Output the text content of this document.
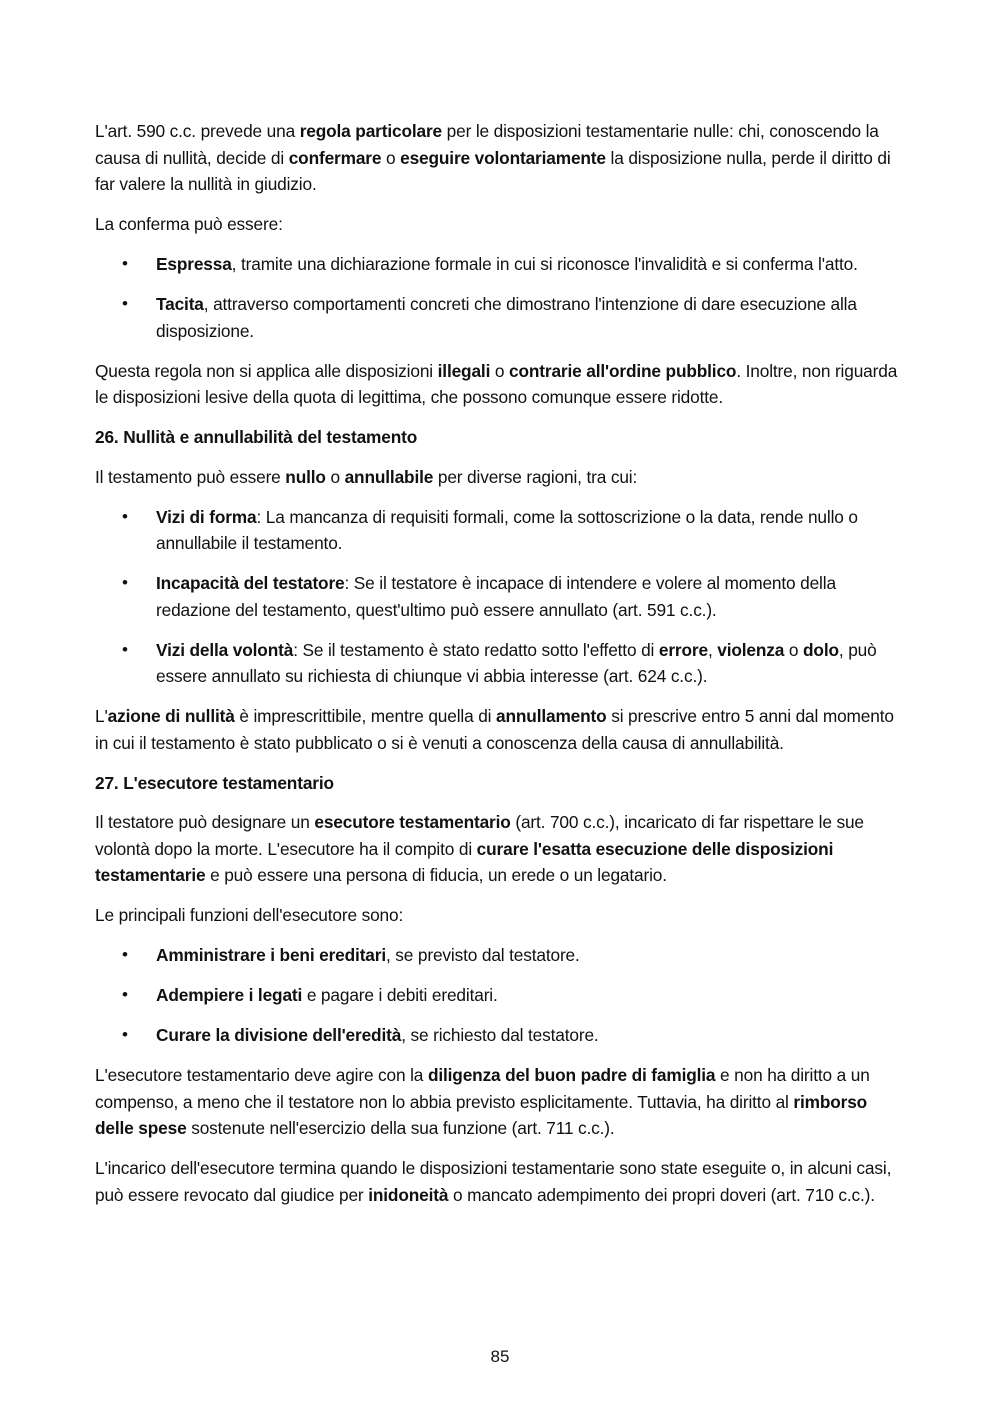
L'art. 590 c.c. prevede una regola particolare per le disposizioni testamentarie nulle: chi, conoscendo la causa di nullità, decide di confermare o eseguire volontariamente la disposizione nulla, perde il diritto di far valere la nullità in giudizio.

La conferma può essere:

• Espressa, tramite una dichiarazione formale in cui si riconosce l'invalidità e si conferma l'atto.
• Tacita, attraverso comportamenti concreti che dimostrano l'intenzione di dare esecuzione alla disposizione.

Questa regola non si applica alle disposizioni illegali o contrarie all'ordine pubblico. Inoltre, non riguarda le disposizioni lesive della quota di legittima, che possono comunque essere ridotte.

26. Nullità e annullabilità del testamento

Il testamento può essere nullo o annullabile per diverse ragioni, tra cui:

• Vizi di forma: La mancanza di requisiti formali, come la sottoscrizione o la data, rende nullo o annullabile il testamento.
• Incapacità del testatore: Se il testatore è incapace di intendere e volere al momento della redazione del testamento, quest'ultimo può essere annullato (art. 591 c.c.).
• Vizi della volontà: Se il testamento è stato redatto sotto l'effetto di errore, violenza o dolo, può essere annullato su richiesta di chiunque vi abbia interesse (art. 624 c.c.).

L'azione di nullità è imprescrittibile, mentre quella di annullamento si prescrive entro 5 anni dal momento in cui il testamento è stato pubblicato o si è venuti a conoscenza della causa di annullabilità.

27. L'esecutore testamentario

Il testatore può designare un esecutore testamentario (art. 700 c.c.), incaricato di far rispettare le sue volontà dopo la morte. L'esecutore ha il compito di curare l'esatta esecuzione delle disposizioni testamentarie e può essere una persona di fiducia, un erede o un legatario.

Le principali funzioni dell'esecutore sono:

• Amministrare i beni ereditari, se previsto dal testatore.
• Adempiere i legati e pagare i debiti ereditari.
• Curare la divisione dell'eredità, se richiesto dal testatore.

L'esecutore testamentario deve agire con la diligenza del buon padre di famiglia e non ha diritto a un compenso, a meno che il testatore non lo abbia previsto esplicitamente. Tuttavia, ha diritto al rimborso delle spese sostenute nell'esercizio della sua funzione (art. 711 c.c.).

L'incarico dell'esecutore termina quando le disposizioni testamentarie sono state eseguite o, in alcuni casi, può essere revocato dal giudice per inidoneità o mancato adempimento dei propri doveri (art. 710 c.c.).

85
